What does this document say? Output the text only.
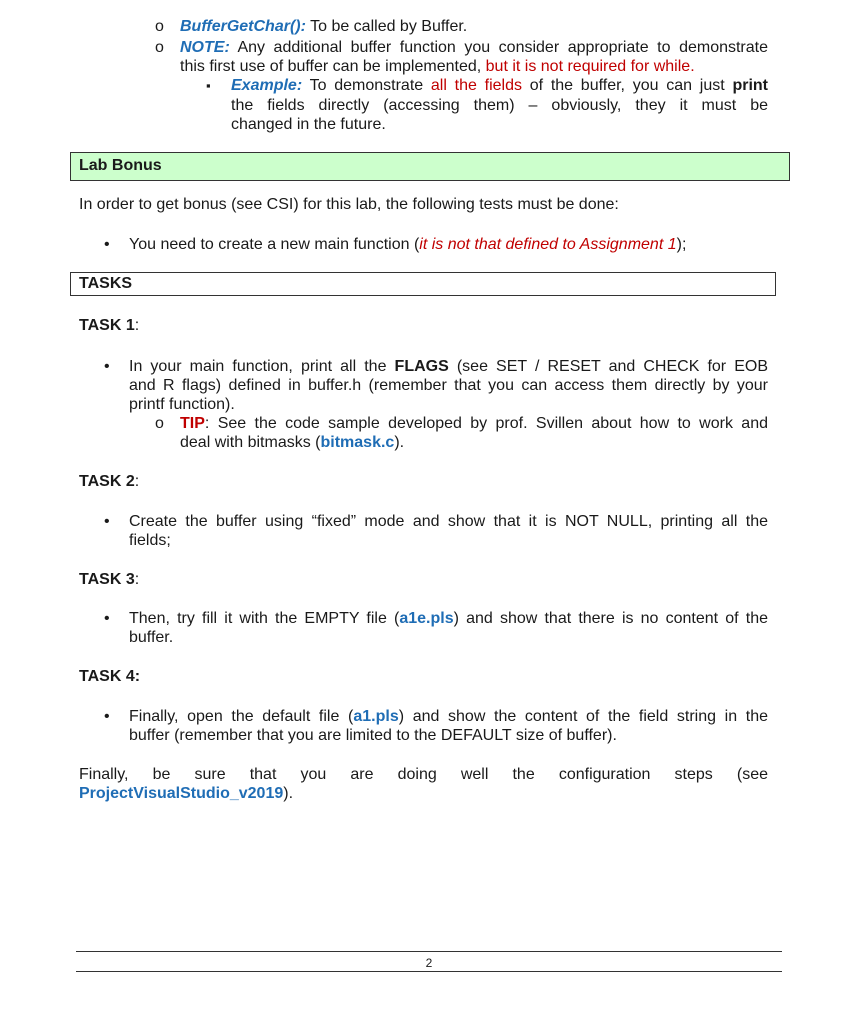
o BufferGetChar(): To be called by Buffer.
o NOTE: Any additional buffer function you consider appropriate to demonstrate
this first use of buffer can be implemented, but it is not required for while.
▪ Example: To demonstrate all the fields of the buffer, you can just print
the fields directly (accessing them) – obviously, they it must be
changed in the future.
Lab Bonus
In order to get bonus (see CSI) for this lab, the following tests must be done:
• You need to create a new main function (it is not that defined to Assignment 1);
TASKS
TASK 1:
• In your main function, print all the FLAGS (see SET / RESET and CHECK for EOB
and R flags) defined in buffer.h (remember that you can access them directly by your
printf function).
o TIP: See the code sample developed by prof. Svillen about how to work and
deal with bitmasks (bitmask.c).
TASK 2:
• Create the buffer using “fixed” mode and show that it is NOT NULL, printing all the
fields;
TASK 3:
• Then, try fill it with the EMPTY file (a1e.pls) and show that there is no content of the
buffer.
TASK 4:
• Finally, open the default file (a1.pls) and show the content of the field string in the
buffer (remember that you are limited to the DEFAULT size of buffer).
Finally, be sure that you are doing well the configuration steps (see
ProjectVisualStudio_v2019).
2
